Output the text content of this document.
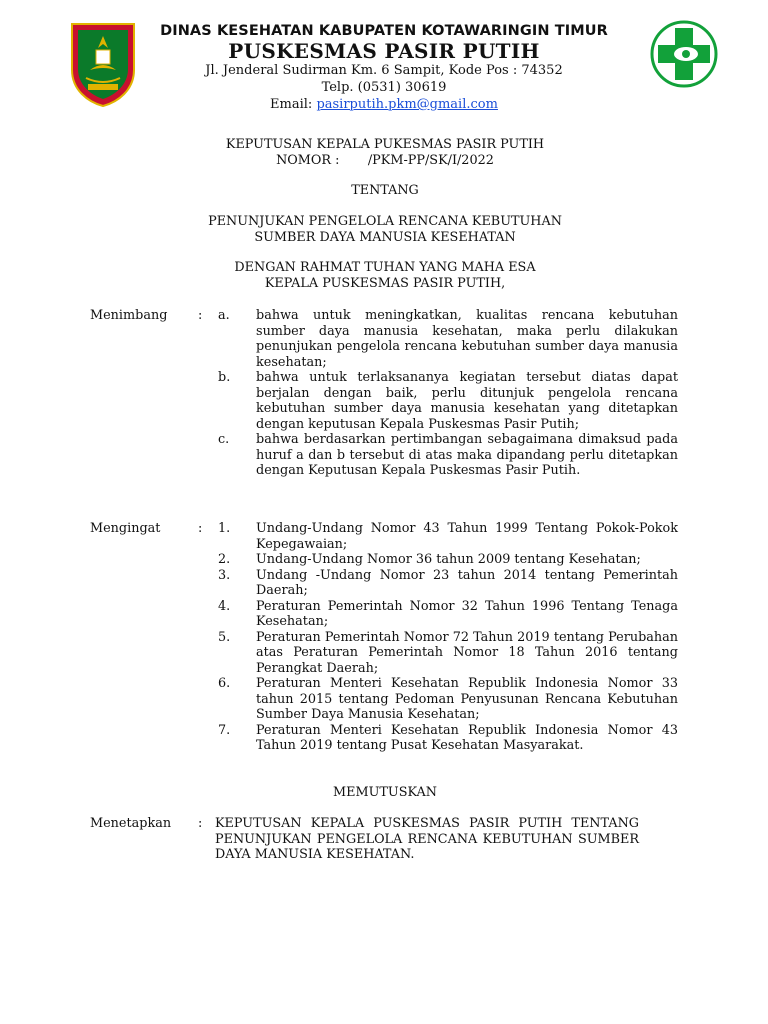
DINAS KESEHATAN KABUPATEN KOTAWARINGIN TIMUR
PUSKESMAS PASIR PUTIH
Jl. Jenderal Sudirman Km. 6 Sampit, Kode Pos : 74352
Telp. (0531) 30619
Email: pasirputih.pkm@gmail.com
KEPUTUSAN KEPALA PUKESMAS PASIR PUTIH
NOMOR :       /PKM-PP/SK/I/2022
TENTANG
PENUNJUKAN PENGELOLA RENCANA KEBUTUHAN
SUMBER DAYA MANUSIA KESEHATAN
DENGAN RAHMAT TUHAN YANG MAHA ESA
KEPALA PUSKESMAS PASIR PUTIH,
Menimbang : a. bahwa untuk meningkatkan, kualitas rencana kebutuhan sumber daya manusia kesehatan, maka perlu dilakukan penunjukan pengelola rencana kebutuhan sumber daya manusia kesehatan;
b. bahwa untuk terlaksananya kegiatan tersebut diatas dapat berjalan dengan baik, perlu ditunjuk pengelola rencana kebutuhan sumber daya manusia kesehatan yang ditetapkan dengan keputusan Kepala Puskesmas Pasir Putih;
c. bahwa berdasarkan pertimbangan sebagaimana dimaksud pada huruf a dan b tersebut di atas maka dipandang perlu ditetapkan dengan Keputusan Kepala Puskesmas Pasir Putih.
Mengingat	: 1. Undang-Undang Nomor 43 Tahun 1999 Tentang Pokok-Pokok Kepegawaian;
2. Undang-Undang Nomor 36 tahun 2009 tentang Kesehatan;
3. Undang -Undang Nomor 23 tahun 2014 tentang Pemerintah Daerah;
4. Peraturan Pemerintah Nomor 32 Tahun 1996 Tentang Tenaga Kesehatan;
5. Peraturan Pemerintah Nomor 72 Tahun 2019 tentang Perubahan atas Peraturan Pemerintah Nomor 18 Tahun 2016 tentang Perangkat Daerah;
6. Peraturan Menteri Kesehatan Republik Indonesia Nomor 33 tahun 2015 tentang Pedoman Penyusunan Rencana Kebutuhan Sumber Daya Manusia Kesehatan;
7. Peraturan Menteri Kesehatan Republik Indonesia Nomor 43 Tahun 2019 tentang Pusat Kesehatan Masyarakat.
MEMUTUSKAN
Menetapkan : KEPUTUSAN KEPALA PUSKESMAS PASIR PUTIH TENTANG PENUNJUKAN PENGELOLA RENCANA KEBUTUHAN SUMBER DAYA MANUSIA KESEHATAN.
